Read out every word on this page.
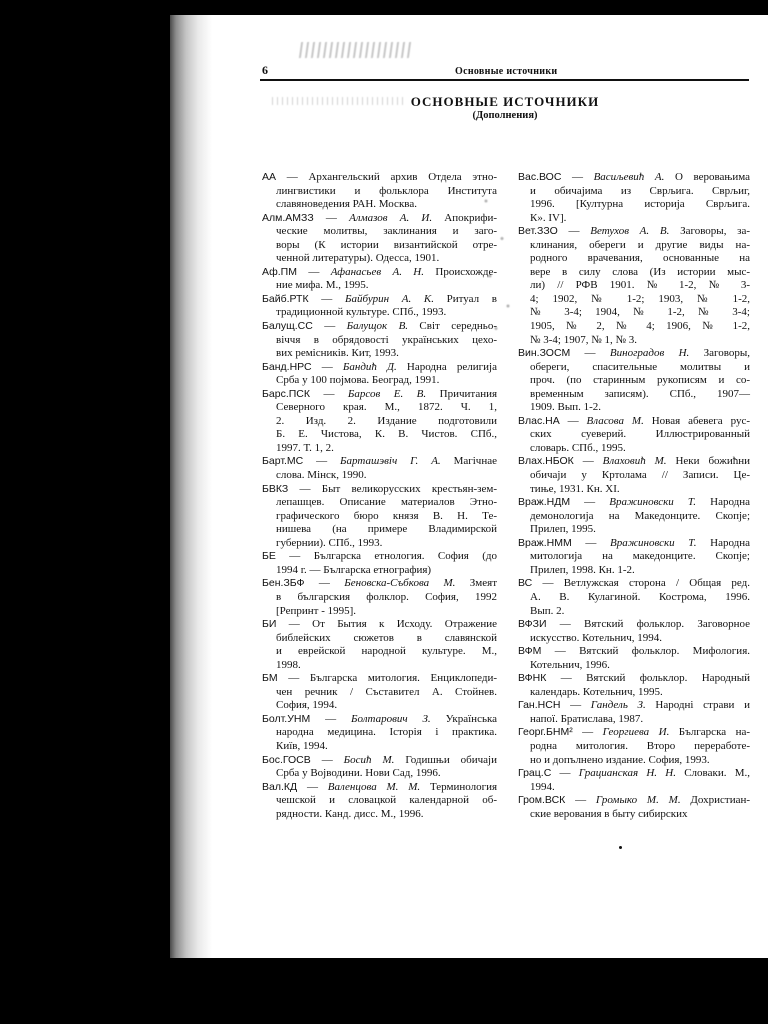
6	Основные источники
ОСНОВНЫЕ ИСТОЧНИКИ
(Дополнения)
АА — Архангельский архив Отдела этно-
лингвистики и фольклора Института
славяноведения РАН. Москва.
Алм.АМЗЗ — Алмазов А. И. Апокрифи-
ческие молитвы, заклинания и заго-
воры (К истории византийской отре-
ченной литературы). Одесса, 1901.
Аф.ПМ — Афанасьев А. Н. Происхожде-
ние мифа. М., 1995.
Байб.РТК — Байбурин А. К. Ритуал в
традиционной культуре. СПб., 1993.
Балущ.СС — Балущок В. Світ середньо-
віччя в обрядовості українських цехо-
вих ремісників. Кит, 1993.
Банд.НРС — Бандић Д. Народна религија
Срба у 100 појмова. Београд, 1991.
Барс.ПСК — Барсов Е. В. Причитания
Северного края. М., 1872. Ч. 1,
2. Изд. 2. Издание подготовили
Б. Е. Чистова, К. В. Чистов. СПб.,
1997. Т. 1, 2.
Барт.МС — Барташэвіч Г. А. Магічнае
слова. Мінск, 1990.
БВКЗ — Быт великорусских крестьян-зем-
лепашцев. Описание материалов Этно-
графического бюро князя В. Н. Те-
нишева (на примере Владимирской
губернии). СПб., 1993.
БЕ — Българска етнология. София (до
1994 г. — Българска етнография)
Бен.ЗБФ — Беновска-Събкова М. Змеят
в българския фолклор. София, 1992
[Репринт - 1995].
БИ — От Бытия к Исходу. Отражение
библейских сюжетов в славянской
и еврейской народной культуре. М.,
1998.
БМ — Българска митология. Енциклопеди-
чен речник / Съставител А. Стойнев.
София, 1994.
Болт.УНМ — Болтарович З. Українська
народна медицина. Історія і практика.
Київ, 1994.
Бос.ГОСВ — Босић М. Годишњи обичаји
Срба у Војводини. Нови Сад, 1996.
Вал.КД — Валенцова М. М. Терминология
чешской и словацкой календарной об-
рядности. Канд. дисс. М., 1996.
Вас.ВОС — Васиљевић А. О веровањима
и обичајима из Сврљига. Сврљиг,
1996. [Културна историја Сврљига.
К». IV].
Вет.ЗЗО — Ветухов А. В. Заговоры, за-
клинания, обереги и другие виды на-
родного врачевания, основанные на
вере в силу слова (Из истории мыс-
ли) // РФВ 1901. № 1-2, № 3-
4; 1902, № 1-2; 1903, № 1-2,
№ 3-4; 1904, № 1-2, № 3-4;
1905, № 2, № 4; 1906, № 1-2,
№ 3-4; 1907, № 1, № 3.
Вин.ЗОСМ — Виноградов Н. Заговоры,
обереги, спасительные молитвы и
проч. (по старинным рукописям и со-
временным записям). СПб., 1907—
1909. Вып. 1-2.
Влас.НА — Власова М. Новая абевега рус-
ских суеверий. Иллюстрированный
словарь. СПб., 1995.
Влах.НБОК — Влаховић М. Неки божићни
обичаји у Кртолама // Записи. Це-
тиње, 1931. Кн. XI.
Враж.НДМ — Вражиновски Т. Народна
демонологија на Македонците. Скопје;
Прилеп, 1995.
Враж.НММ — Вражиновски Т. Народна
митологија на македонците. Скопје;
Прилеп, 1998. Кн. 1-2.
ВС — Ветлужская сторона / Общая ред.
А. В. Кулагиной. Кострома, 1996.
Вып. 2.
ВФЗИ — Вятский фольклор. Заговорное
искусство. Котельнич, 1994.
ВФМ — Вятский фольклор. Мифология.
Котельнич, 1996.
ВФНК — Вятский фольклор. Народный
календарь. Котельнич, 1995.
Ган.НСН — Гандель З. Народні страви и
напої. Братислава, 1987.
Георг.БНМ² — Георгиева И. Българска на-
родна митология. Второ переработе-
но и допълнено издание. София, 1993.
Грац.С — Грацианская Н. Н. Словаки. М.,
1994.
Гром.ВСК — Громыко М. М. Дохристиан-
ские верования в быту сибирских
